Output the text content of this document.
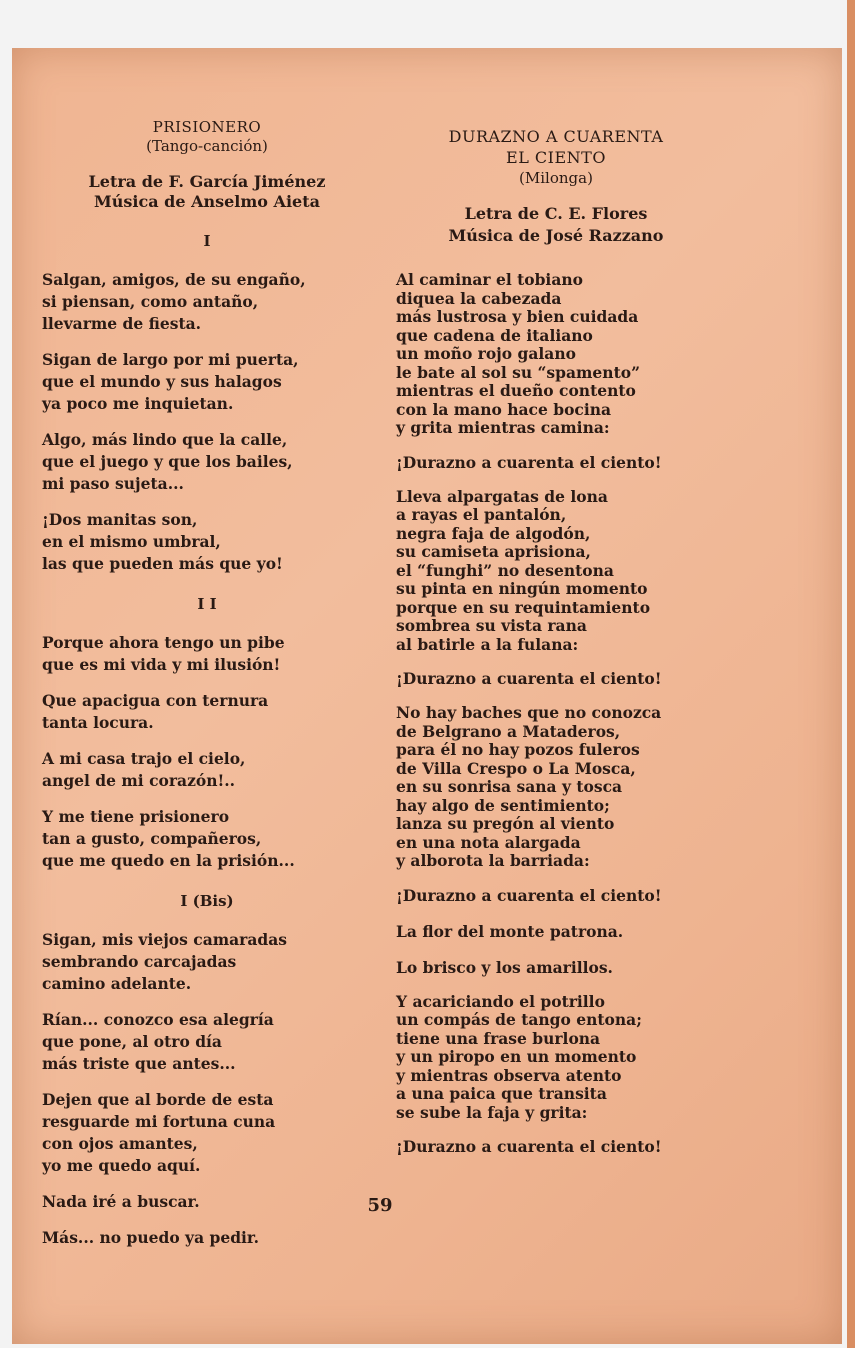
PRISIONERO
(Tango-canción)
Letra de F. García Jiménez
Música de Anselmo Aieta
I
Salgan, amigos, de su engaño,
si piensan, como antaño,
llevarme de fiesta.
Sigan de largo por mi puerta,
que el mundo y sus halagos
ya poco me inquietan.
Algo, más lindo que la calle,
que el juego y que los bailes,
mi paso sujeta...
¡Dos manitas son,
en el mismo umbral,
las que pueden más que yo!
I I
Porque ahora tengo un pibe
que es mi vida y mi ilusión!
Que apacigua con ternura
tanta locura.
A mi casa trajo el cielo,
angel de mi corazón!..
Y me tiene prisionero
tan a gusto, compañeros,
que me quedo en la prisión...
I (Bis)
Sigan, mis viejos camaradas
sembrando carcajadas
camino adelante.
Rían... conozco esa alegría
que pone, al otro día
más triste que antes...
Dejen que al borde de esta
resguarde mi fortuna cuna
con ojos amantes,
yo me quedo aquí.
Nada iré a buscar.
Más... no puedo ya pedir.
DURAZNO A CUARENTA
EL CIENTO
(Milonga)
Letra de C. E. Flores
Música de José Razzano
Al caminar el tobiano
diquea la cabezada
más lustrosa y bien cuidada
que cadena de italiano
un moño rojo galano
le bate al sol su “spamento”
mientras el dueño contento
con la mano hace bocina
y grita mientras camina:
¡Durazno a cuarenta el ciento!
Lleva alpargatas de lona
a rayas el pantalón,
negra faja de algodón,
su camiseta aprisiona,
el “funghi” no desentona
su pinta en ningún momento
porque en su requintamiento
sombrea su vista rana
al batirle a la fulana:
¡Durazno a cuarenta el ciento!
No hay baches que no conozca
de Belgrano a Mataderos,
para él no hay pozos fuleros
de Villa Crespo o La Mosca,
en su sonrisa sana y tosca
hay algo de sentimiento;
lanza su pregón al viento
en una nota alargada
y alborota la barriada:
¡Durazno a cuarenta el ciento!
La flor del monte patrona.
Lo brisco y los amarillos.
Y acariciando el potrillo
un compás de tango entona;
tiene una frase burlona
y un piropo en un momento
y mientras observa atento
a una paica que transita
se sube la faja y grita:
¡Durazno a cuarenta el ciento!
59
